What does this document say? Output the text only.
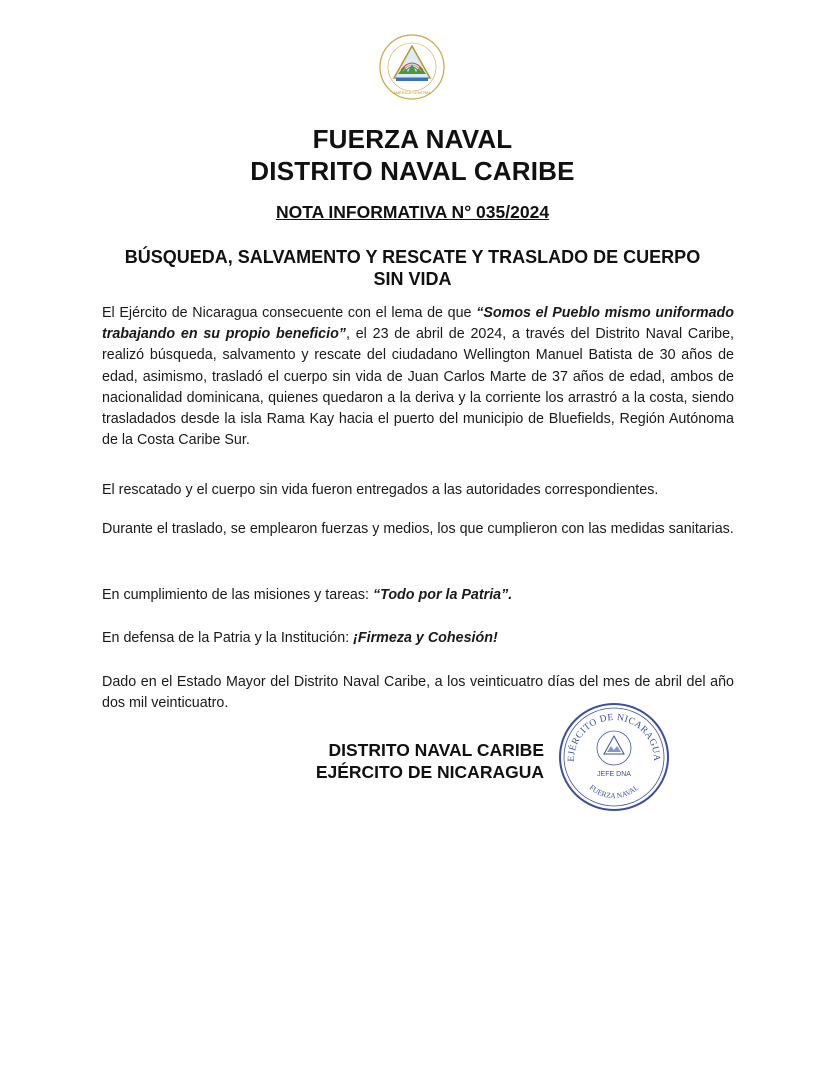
AMÉRICA CENTRAL
FUERZA NAVAL
DISTRITO NAVAL CARIBE
NOTA INFORMATIVA N° 035/2024
BÚSQUEDA, SALVAMENTO Y RESCATE Y TRASLADO DE CUERPO
SIN VIDA
El Ejército de Nicaragua consecuente con el lema de que “Somos el Pueblo mismo uniformado trabajando en su propio beneficio”, el 23 de abril de 2024, a través del Distrito Naval Caribe, realizó búsqueda, salvamento y rescate del ciudadano Wellington Manuel Batista de 30 años de edad, asimismo, trasladó el cuerpo sin vida de Juan Carlos Marte de 37 años de edad, ambos de nacionalidad dominicana, quienes quedaron a la deriva y la corriente los arrastró a la costa, siendo trasladados desde la isla Rama Kay hacia el puerto del municipio de Bluefields, Región Autónoma de la Costa Caribe Sur.
El rescatado y el cuerpo sin vida fueron entregados a las autoridades correspondientes.
Durante el traslado, se emplearon fuerzas y medios, los que cumplieron con las medidas sanitarias.
En cumplimiento de las misiones y tareas: “Todo por la Patria”.
En defensa de la Patria y la Institución: ¡Firmeza y Cohesión!
Dado en el Estado Mayor del Distrito Naval Caribe, a los veinticuatro días del mes de abril del año dos mil veinticuatro.
DISTRITO NAVAL CARIBE
EJÉRCITO DE NICARAGUA
EJÉRCITO DE NICARAGUA
JEFE DNA
FUERZA NAVAL
